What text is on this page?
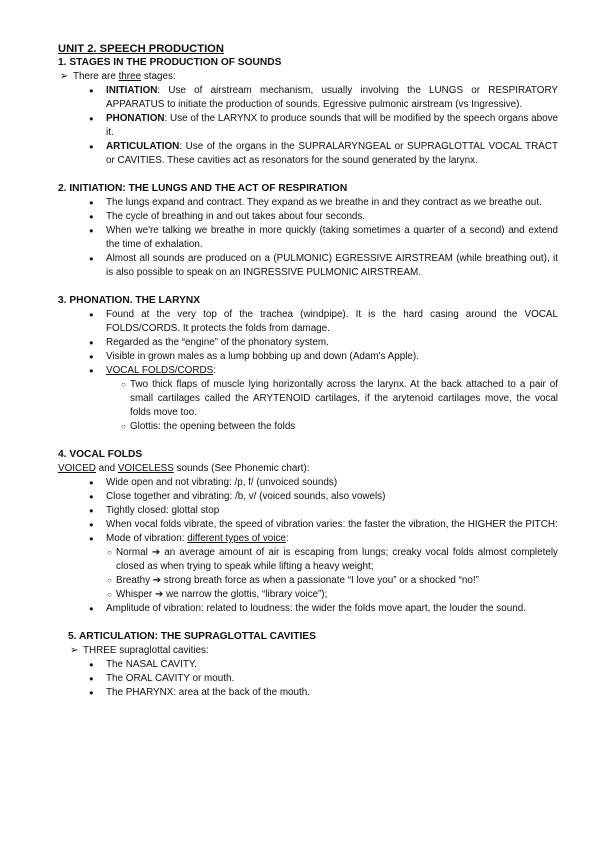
UNIT 2. SPEECH PRODUCTION
1. STAGES IN THE PRODUCTION OF SOUNDS
➢ There are three stages:
● INITIATION: Use of airstream mechanism, usually involving the LUNGS or RESPIRATORY APPARATUS to initiate the production of sounds. Egressive pulmonic airstream (vs Ingressive).
● PHONATION: Use of the LARYNX to produce sounds that will be modified by the speech organs above it.
● ARTICULATION: Use of the organs in the SUPRALARYNGEAL or SUPRAGLOTTAL VOCAL TRACT or CAVITIES. These cavities act as resonators for the sound generated by the larynx.
2. INITIATION: THE LUNGS AND THE ACT OF RESPIRATION
● The lungs expand and contract. They expand as we breathe in and they contract as we breathe out.
● The cycle of breathing in and out takes about four seconds.
● When we're talking we breathe in more quickly (taking sometimes a quarter of a second) and extend the time of exhalation.
● Almost all sounds are produced on a (PULMONIC) EGRESSIVE AIRSTREAM (while breathing out), it is also possible to speak on an INGRESSIVE PULMONIC AIRSTREAM.
3. PHONATION. THE LARYNX
● Found at the very top of the trachea (windpipe). It is the hard casing around the VOCAL FOLDS/CORDS. It protects the folds from damage.
● Regarded as the “engine” of the phonatory system.
● Visible in grown males as a lump bobbing up and down (Adam's Apple).
● VOCAL FOLDS/CORDS:
○ Two thick flaps of muscle lying horizontally across the larynx. At the back attached to a pair of small cartilages called the ARYTENOID cartilages, if the arytenoid cartilages move, the vocal folds move too.
○ Glottis: the opening between the folds
4. VOCAL FOLDS
VOICED and VOICELESS sounds (See Phonemic chart):
● Wide open and not vibrating: /p, f/ (unvoiced sounds)
● Close together and vibrating: /b, v/ (voiced sounds, also vowels)
● Tightly closed: glottal stop
● When vocal folds vibrate, the speed of vibration varies: the faster the vibration, the HIGHER the PITCH:
● Mode of vibration: different types of voice:
○ Normal ➔ an average amount of air is escaping from lungs; creaky vocal folds almost completely closed as when trying to speak while lifting a heavy weight;
○ Breathy ➔ strong breath force as when a passionate “I love you” or a shocked “no!”
○ Whisper ➔ we narrow the glottis, “library voice”);
● Amplitude of vibration: related to loudness: the wider the folds move apart, the louder the sound.
5. ARTICULATION: THE SUPRAGLOTTAL CAVITIES
➢ THREE supraglottal cavities:
● The NASAL CAVITY.
● The ORAL CAVITY or mouth.
● The PHARYNX: area at the back of the mouth.
